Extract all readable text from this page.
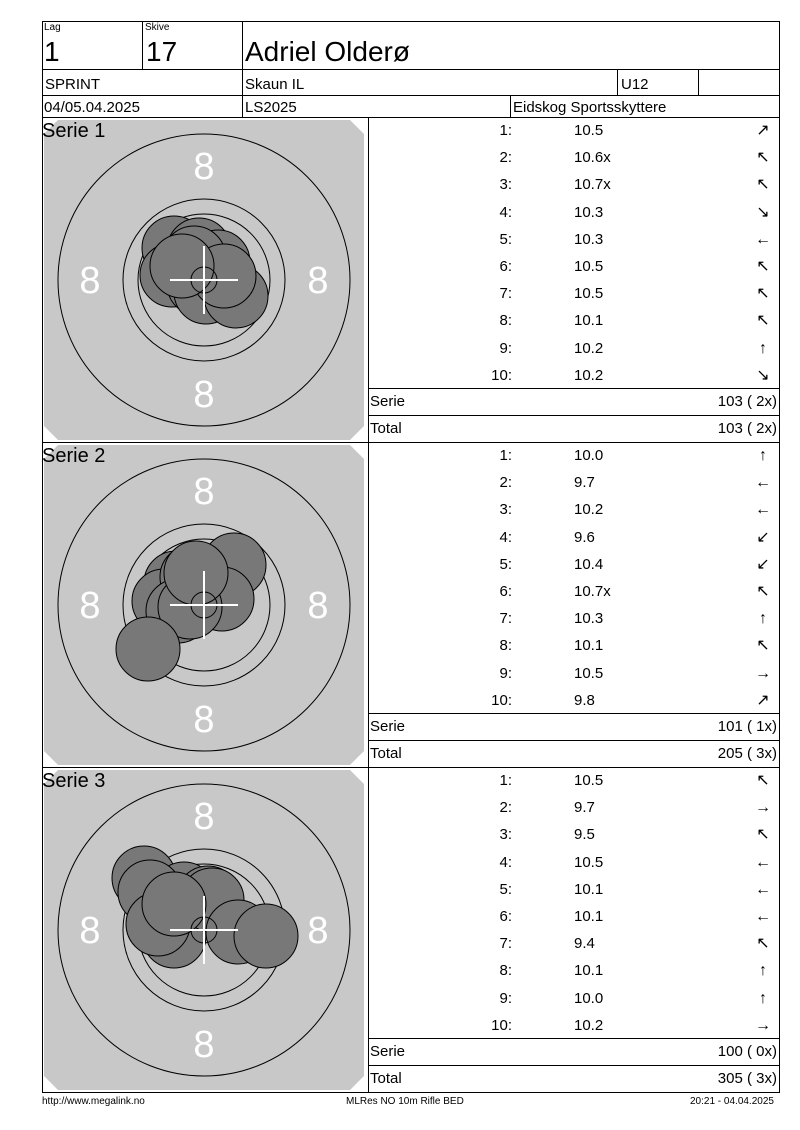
Lag
1
Skive
17 Adriel Olderø
SPRINT	Skaun IL	U12
04/05.04.2025	LS2025	Eidskog Sportsskyttere
8
8
8	8
Serie 1	1:	10.5	↗
2:	10.6x	↖
3:	10.7x	↖
4:	10.3	↘
5:	10.3	←
6:	10.5	↖
7:	10.5	↖
8:	10.1	↖
9:	10.2	↑
10:	10.2	↘
Serie	103 ( 2x)
Total	103 ( 2x)
8
8
8	8
Serie 2	1:	10.0	↑
2:	9.7	←
3:	10.2	←
4:	9.6	↙
5:	10.4	↙
6:	10.7x	↖
7:	10.3	↑
8:	10.1	↖
9:	10.5	→
10:	9.8	↗
Serie	101 ( 1x)
Total	205 ( 3x)
8
8
8	8
Serie 3	1:	10.5	↖
2:	9.7	→
3:	9.5	↖
4:	10.5	←
5:	10.1	←
6:	10.1	←
7:	9.4	↖
8:	10.1	↑
9:	10.0	↑
10:	10.2	→
Serie	100 ( 0x)
Total	305 ( 3x)
http://www.megalink.no	MLRes NO 10m Rifle BED	20:21 - 04.04.2025
